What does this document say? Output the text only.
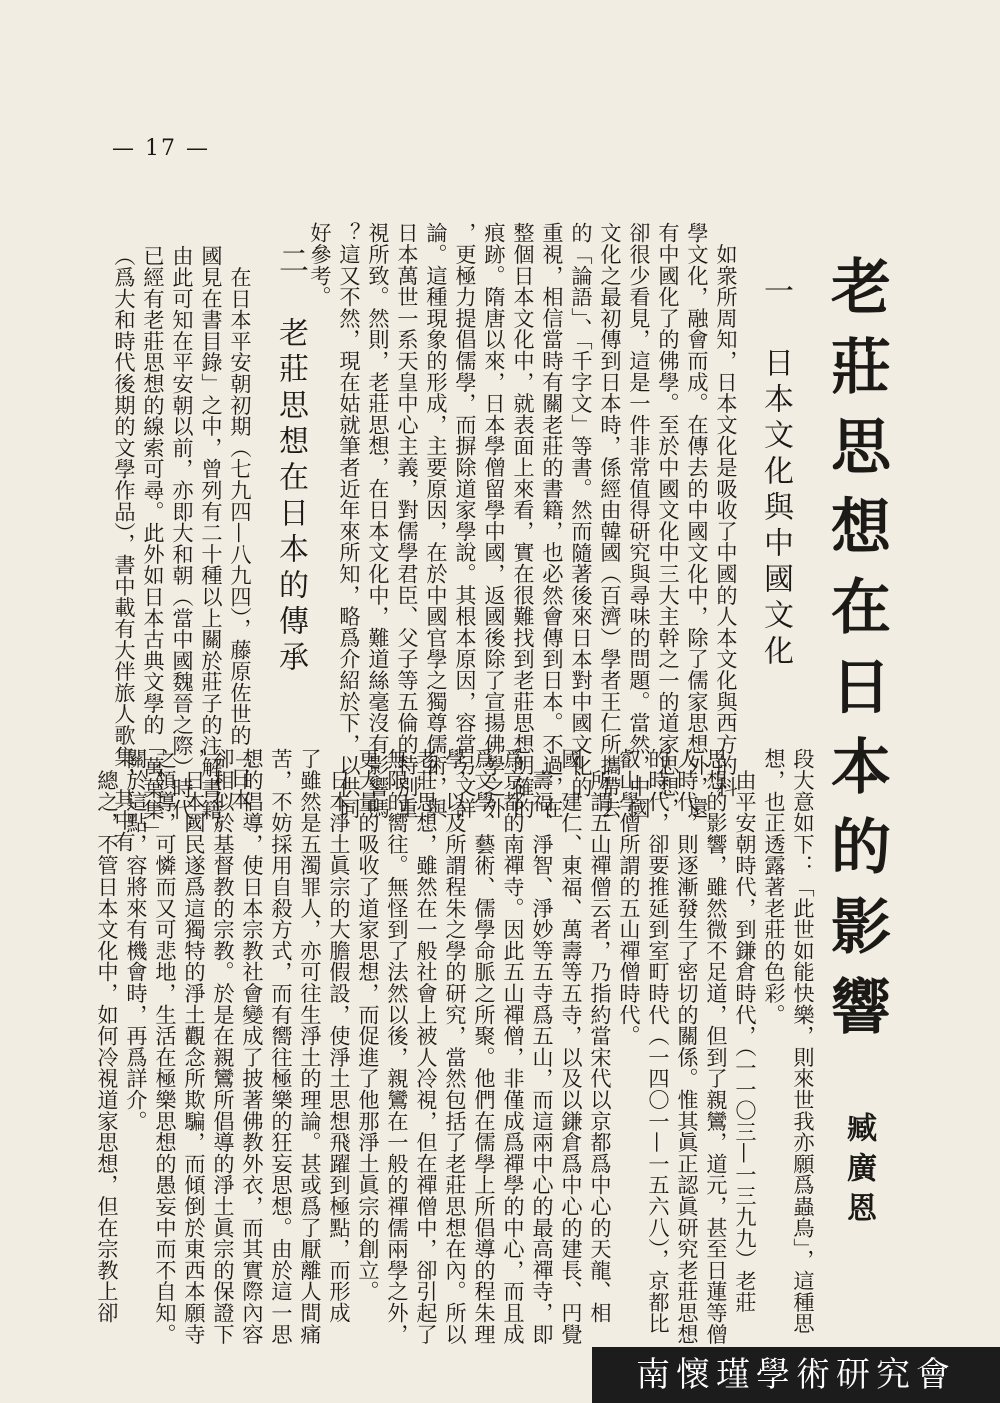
— 17 —
老莊思想在日本的影響
臧廣恩
一　日本文化與中國文化
　如衆所周知，日本文化是吸收了中國的人本文化與西方的科
學文化，融會而成。在傳去的中國文化中，除了儒家思想外，還
有中國化了的佛學。至於中國文化中三大主幹之一的道家思想，
卻很少看見，這是一件非常值得研究與尋味的問題。當然，中國
文化之最初傳到日本時，係經由韓國（百濟）學者王仁所攜帶去
的「論語」、「千字文」等書。然而隨著後來日本對中國文化的
重視，相信當時有關老莊的書籍，也必然會傳到日本。不過，在
整個日本文化中，就表面上來看，實在很難找到老莊思想明確的
痕跡。隋唐以來，日本學僧留學中國，返國後除了宣揚佛學之外
，更極力提倡儒學，而摒除道家學說。其根本原因，容當另文詳
論。這種現象的形成，主要原因，在於中國官學之獨尊儒術，與
日本萬世一系天皇中心主義，對儒學君臣、父子等五倫的特別重
視所致。然則，老莊思想，在日本文化中，難道絲毫沒有影響嗎
？這又不然，現在姑就筆者近年來所知，略爲介紹於下，以供同
好參考。
二　老莊思想在日本的傳承
　在日本平安朝初期（七九四—八九四），藤原佐世的「日本
國見在書目錄」之中，曾列有二十種以上關於莊子的注解書籍。
由此可知在平安朝以前，亦即大和朝（當中國魏晉之際）時代，
已經有老莊思想的線索可尋。此外如日本古典文學的「萬葉集」
（爲大和時代後期的文學作品），書中載有大伴旅人歌集，其中有
段大意如下：「此世如能快樂，則來世我亦願爲蟲鳥」，這種思
想，也正透露著老莊的色彩。
　由平安朝時代，到鎌倉時代，（一一〇三—一三九九）老莊
思想的影響，雖然微不足道，但到了親鸞，道元，甚至日蓮等僧
人時代，則逐漸發生了密切的關係。惟其眞正認眞研究老莊思想
的時代，卻要推延到室町時代（一四〇一—一五六八），京都比
叡山學僧所謂的五山禪僧時代。
　所謂五山禪僧云者，乃指約當宋代以京都爲中心的天龍、相
國、建仁、東福、萬壽等五寺，以及以鎌倉爲中心的建長、円覺
、壽福、淨智、淨妙等五寺爲五山，而這兩中心的最高禪寺，即
爲京都的南禪寺。因此五山禪僧，非僅成爲禪學的中心，而且成
爲文學、藝術、儒學命脈之所聚。他們在儒學上所倡導的程朱理
學，以及所謂程朱之學的研究，當然包括了老莊思想在內。所以
老莊思想，雖然在一般社會上被人冷視，但在禪僧中，卻引起了
無限的嚮往。無怪到了法然以後，親鸞在一般的禪儒兩學之外，
更大量的吸收了道家思想，而促進了他那淨土眞宗的創立。
　日本淨土眞宗的大膽假設，使淨土思想飛躍到極點，而形成
了雖然是五濁罪人，亦可往生淨土的理論。甚或爲了厭離人間痛
苦，不妨採用自殺方式，而有嚮往極樂的狂妄思想。由於這一思
想的倡導，使日本宗教社會變成了披著佛教外衣，而其實際內容
卻相似於基督教的宗教。於是在親鸞所倡導的淨土眞宗的保證下
，日本國民遂爲這獨特的淨土觀念所欺騙，而傾倒於東西本願寺
之領導，可憐而又可悲地，生活在極樂思想的愚妄中而不自知。
關於這點，容將來有機會時，再爲詳介。
　總之，不管日本文化中，如何冷視道家思想，但在宗教上卻
南懷瑾學術研究會
